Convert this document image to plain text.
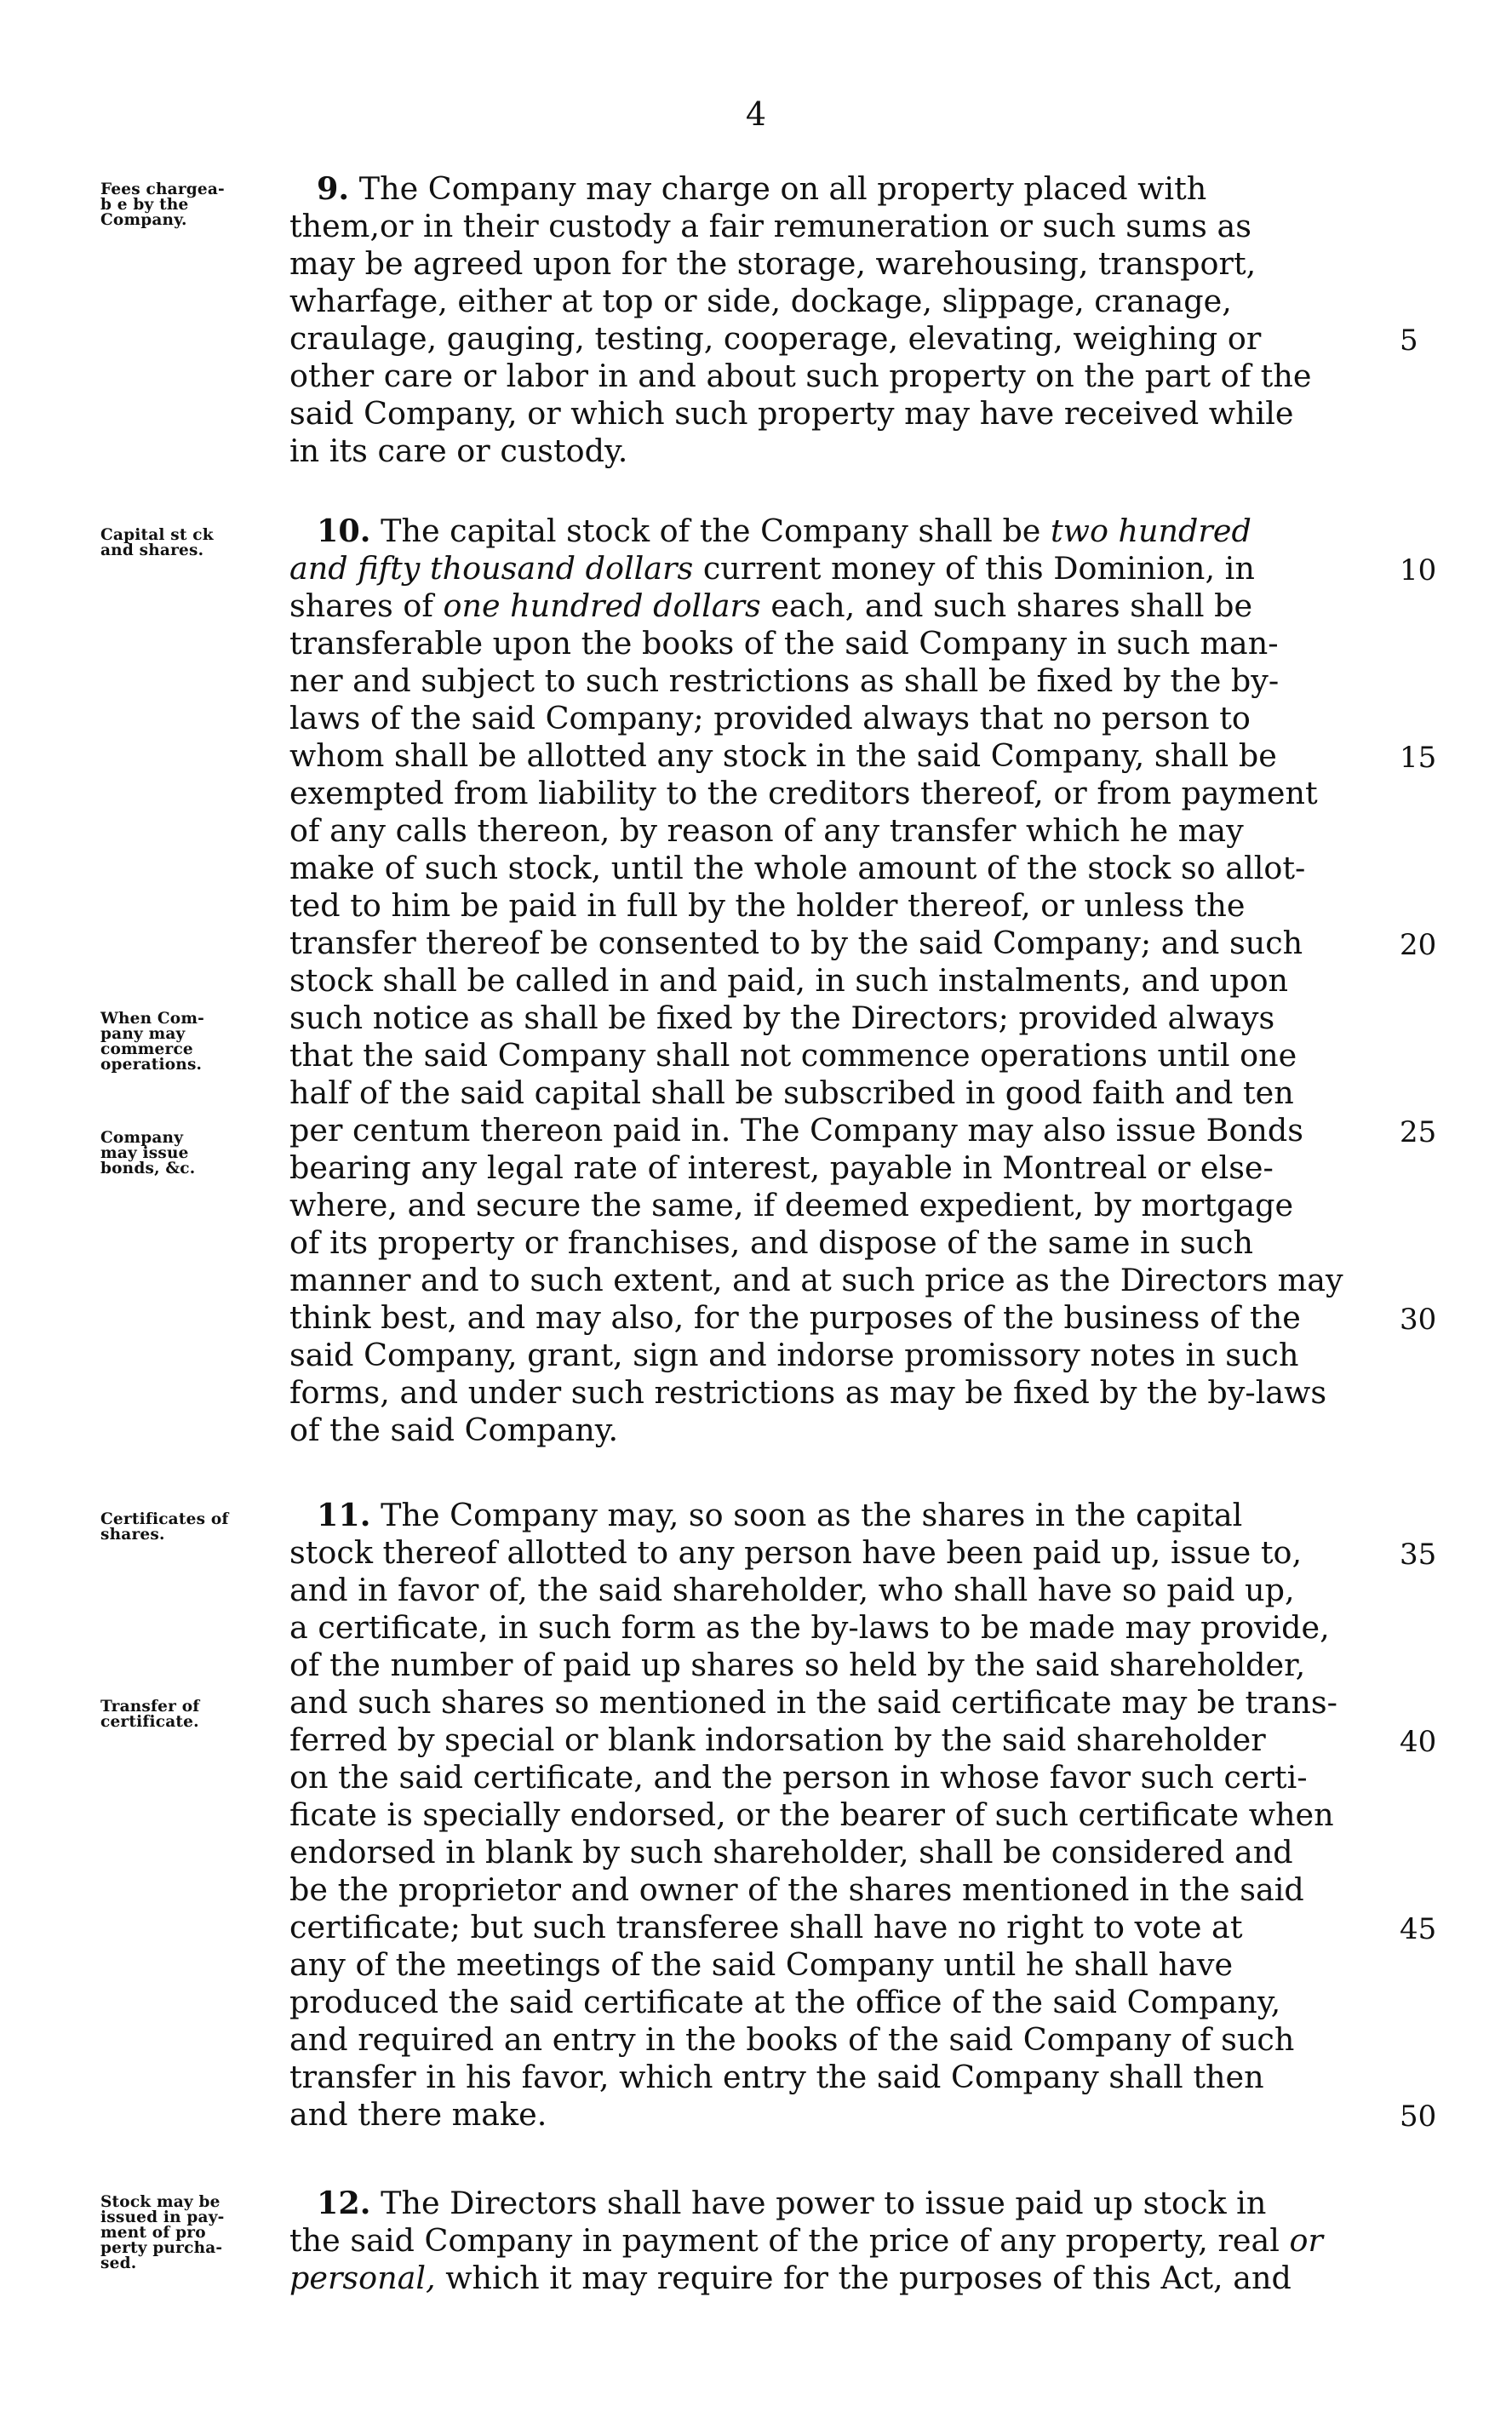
4
Fees chargea-
b e by the
Company.
9. The Company may charge on all property placed with
them,or in their custody a fair remuneration or such sums as
may be agreed upon for the storage, warehousing, transport,
wharfage, either at top or side, dockage, slippage, cranage,
craulage, gauging, testing, cooperage, elevating, weighing or	5
other care or labor in and about such property on the part of the
said Company, or which such property may have received while
in its care or custody.
Capital st ck
and shares.
10. The capital stock of the Company shall be two hundred
and fifty thousand dollars current money of this Dominion, in	10
shares of one hundred dollars each, and such shares shall be
transferable upon the books of the said Company in such man-
ner and subject to such restrictions as shall be fixed by the by-
laws of the said Company; provided always that no person to
whom shall be allotted any stock in the said Company, shall be	15
exempted from liability to the creditors thereof, or from payment
of any calls thereon, by reason of any transfer which he may
make of such stock, until the whole amount of the stock so allot-
ted to him be paid in full by the holder thereof, or unless the
transfer thereof be consented to by the said Company; and such	20
stock shall be called in and paid, in such instalments, and upon
When Com-
pany may
commerce
operations.
such notice as shall be fixed by the Directors; provided always
that the said Company shall not commence operations until one
half of the said capital shall be subscribed in good faith and ten
Company
may issue
bonds, &c.
per centum thereon paid in. The Company may also issue Bonds	25
bearing any legal rate of interest, payable in Montreal or else-
where, and secure the same, if deemed expedient, by mortgage
of its property or franchises, and dispose of the same in such
manner and to such extent, and at such price as the Directors may
think best, and may also, for the purposes of the business of the	30
said Company, grant, sign and indorse promissory notes in such
forms, and under such restrictions as may be fixed by the by-laws
of the said Company.
Certificates of
shares.
11. The Company may, so soon as the shares in the capital
stock thereof allotted to any person have been paid up, issue to,	35
and in favor of, the said shareholder, who shall have so paid up,
a certificate, in such form as the by-laws to be made may provide,
of the number of paid up shares so held by the said shareholder,
Transfer of
certificate.
and such shares so mentioned in the said certificate may be trans-
ferred by special or blank indorsation by the said shareholder	40
on the said certificate, and the person in whose favor such certi-
ficate is specially endorsed, or the bearer of such certificate when
endorsed in blank by such shareholder, shall be considered and
be the proprietor and owner of the shares mentioned in the said
certificate; but such transferee shall have no right to vote at	45
any of the meetings of the said Company until he shall have
produced the said certificate at the office of the said Company,
and required an entry in the books of the said Company of such
transfer in his favor, which entry the said Company shall then
and there make.	50
Stock may be
issued in pay-
ment of pro
perty purcha-
sed.
12. The Directors shall have power to issue paid up stock in
the said Company in payment of the price of any property, real or
personal, which it may require for the purposes of this Act, and
